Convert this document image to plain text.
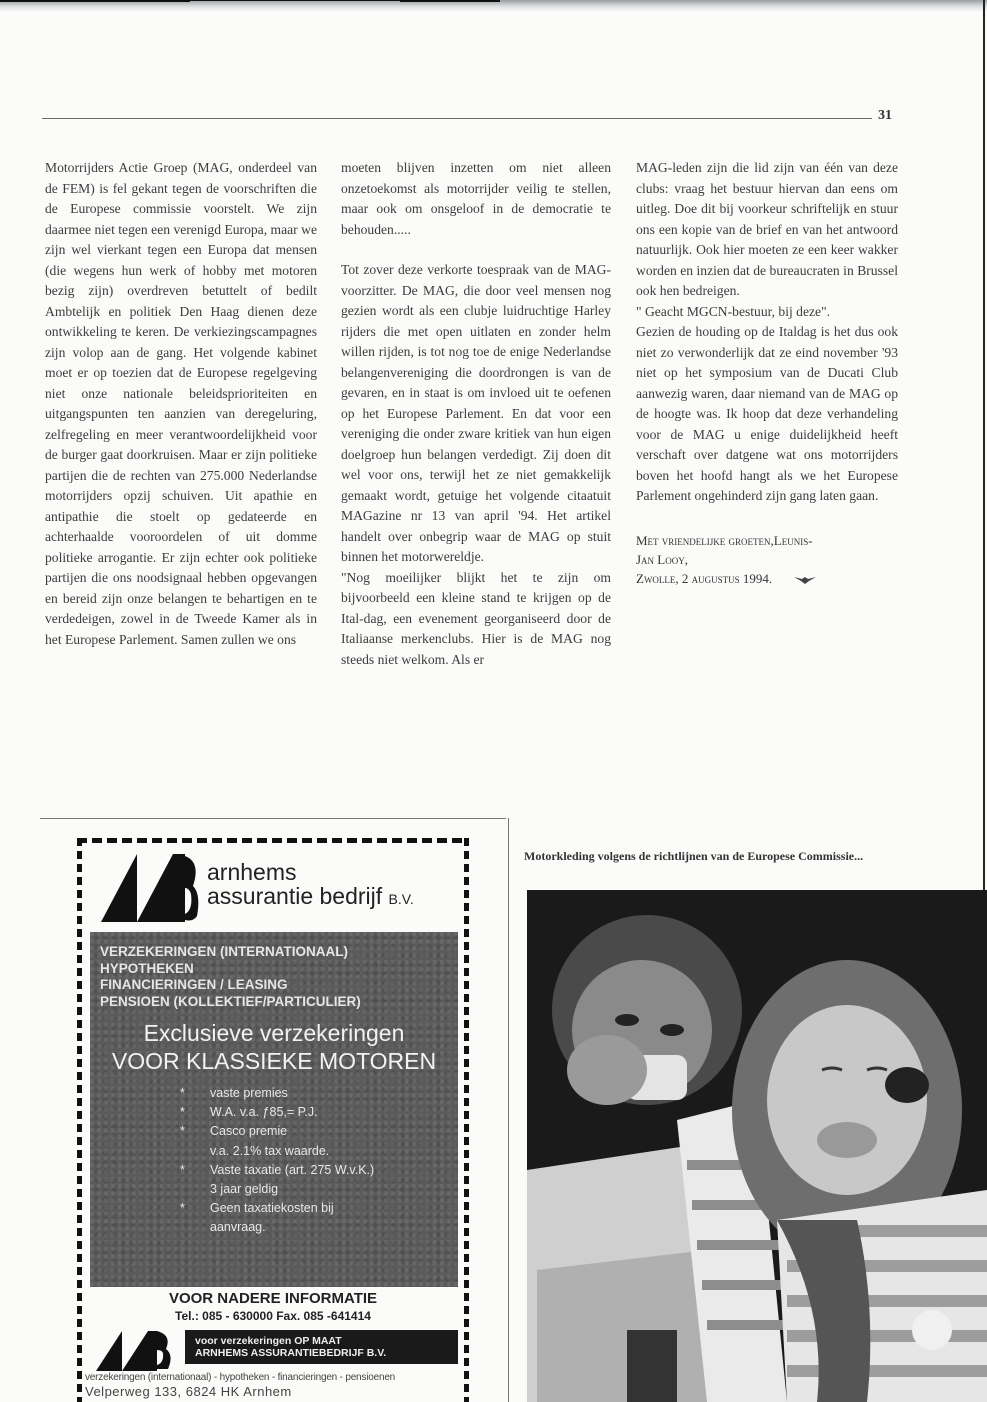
31

Motorrijders Actie Groep (MAG, onderdeel van de FEM) is fel gekant tegen de voorschriften die de Europese commissie voorstelt. We zijn daarmee niet tegen een verenigd Europa, maar we zijn wel vierkant tegen een Europa dat mensen (die wegens hun werk of hobby met motoren bezig zijn) overdreven betuttelt of bedilt Ambtelijk en politiek Den Haag dienen deze ontwikkeling te keren. De verkiezingscampagnes zijn volop aan de gang. Het volgende kabinet moet er op toezien dat de Europese regelgeving niet onze nationale beleidsprioriteiten en uitgangspunten ten aanzien van deregeluring, zelfregeling en meer verantwoordelijkheid voor de burger gaat doorkruisen. Maar er zijn politieke partijen die de rechten van 275.000 Nederlandse motorrijders opzij schuiven. Uit apathie en antipathie die stoelt op gedateerde en achterhaalde vooroordelen of uit domme politieke arrogantie. Er zijn echter ook politieke partijen die ons noodsignaal hebben opgevangen en bereid zijn onze belangen te behartigen en te verdedeigen, zowel in de Tweede Kamer als in het Europese Parlement. Samen zullen we ons

moeten blijven inzetten om niet alleen onzetoekomst als motorrijder veilig te stellen, maar ook om onsgeloof in de democratie te behouden.....

Tot zover deze verkorte toespraak van de MAG-voorzitter. De MAG, die door veel mensen nog gezien wordt als een clubje luidruchtige Harley rijders die met open uitlaten en zonder helm willen rijden, is tot nog toe de enige Nederlandse belangenvereniging die doordrongen is van de gevaren, en in staat is om invloed uit te oefenen op het Europese Parlement. En dat voor een vereniging die onder zware kritiek van hun eigen doelgroep hun belangen verdedigt. Zij doen dit wel voor ons, terwijl het ze niet gemakkelijk gemaakt wordt, getuige het volgende citaatuit MAGazine nr 13 van april '94. Het artikel handelt over onbegrip waar de MAG op stuit binnen het motorwereldje.

"Nog moeilijker blijkt het te zijn om bijvoorbeeld een kleine stand te krijgen op de Ital-dag, een evenement georganiseerd door de Italiaanse merkenclubs. Hier is de MAG nog steeds niet welkom. Als er

MAG-leden zijn die lid zijn van één van deze clubs: vraag het bestuur hiervan dan eens om uitleg. Doe dit bij voorkeur schriftelijk en stuur ons een kopie van de brief en van het antwoord natuurlijk. Ook hier moeten ze een keer wakker worden en inzien dat de bureaucraten in Brussel ook hen bedreigen.

" Geacht MGCN-bestuur, bij deze".

Gezien de houding op de Italdag is het dus ook niet zo verwonderlijk dat ze eind november '93 niet op het symposium van de Ducati Club aanwezig waren, daar niemand van de MAG op de hoogte was. Ik hoop dat deze verhandeling voor de MAG u enige duidelijkheid heeft verschaft over datgene wat ons motorrijders boven het hoofd hangt als we het Europese Parlement ongehinderd zijn gang laten gaan.

Met vriendelijke groeten,Leunis-
Jan Looy,
Zwolle, 2 augustus 1994.
arnhems
assurantie bedrijf B.V.
VERZEKERINGEN (INTERNATIONAAL)
HYPOTHEKEN
FINANCIERINGEN / LEASING
PENSIOEN (KOLLEKTIEF/PARTICULIER)
Exclusieve verzekeringen
VOOR KLASSIEKE MOTOREN
*	vaste premies
*	W.A. v.a. ƒ85,= P.J.
*	Casco premie
v.a. 2.1% tax waarde.
*	Vaste taxatie (art. 275 W.v.K.)
3 jaar geldig
*	Geen taxatiekosten bij
aanvraag.
VOOR NADERE INFORMATIE
Tel.: 085 - 630000 Fax. 085 -641414
voor verzekeringen OP MAAT
ARNHEMS ASSURANTIEBEDRIJF B.V.
verzekeringen (internationaal) - hypotheken - financieringen - pensioenen
Velperweg 133, 6824 HK Arnhem
Motorkleding volgens de richtlijnen van de Europese Commissie...
